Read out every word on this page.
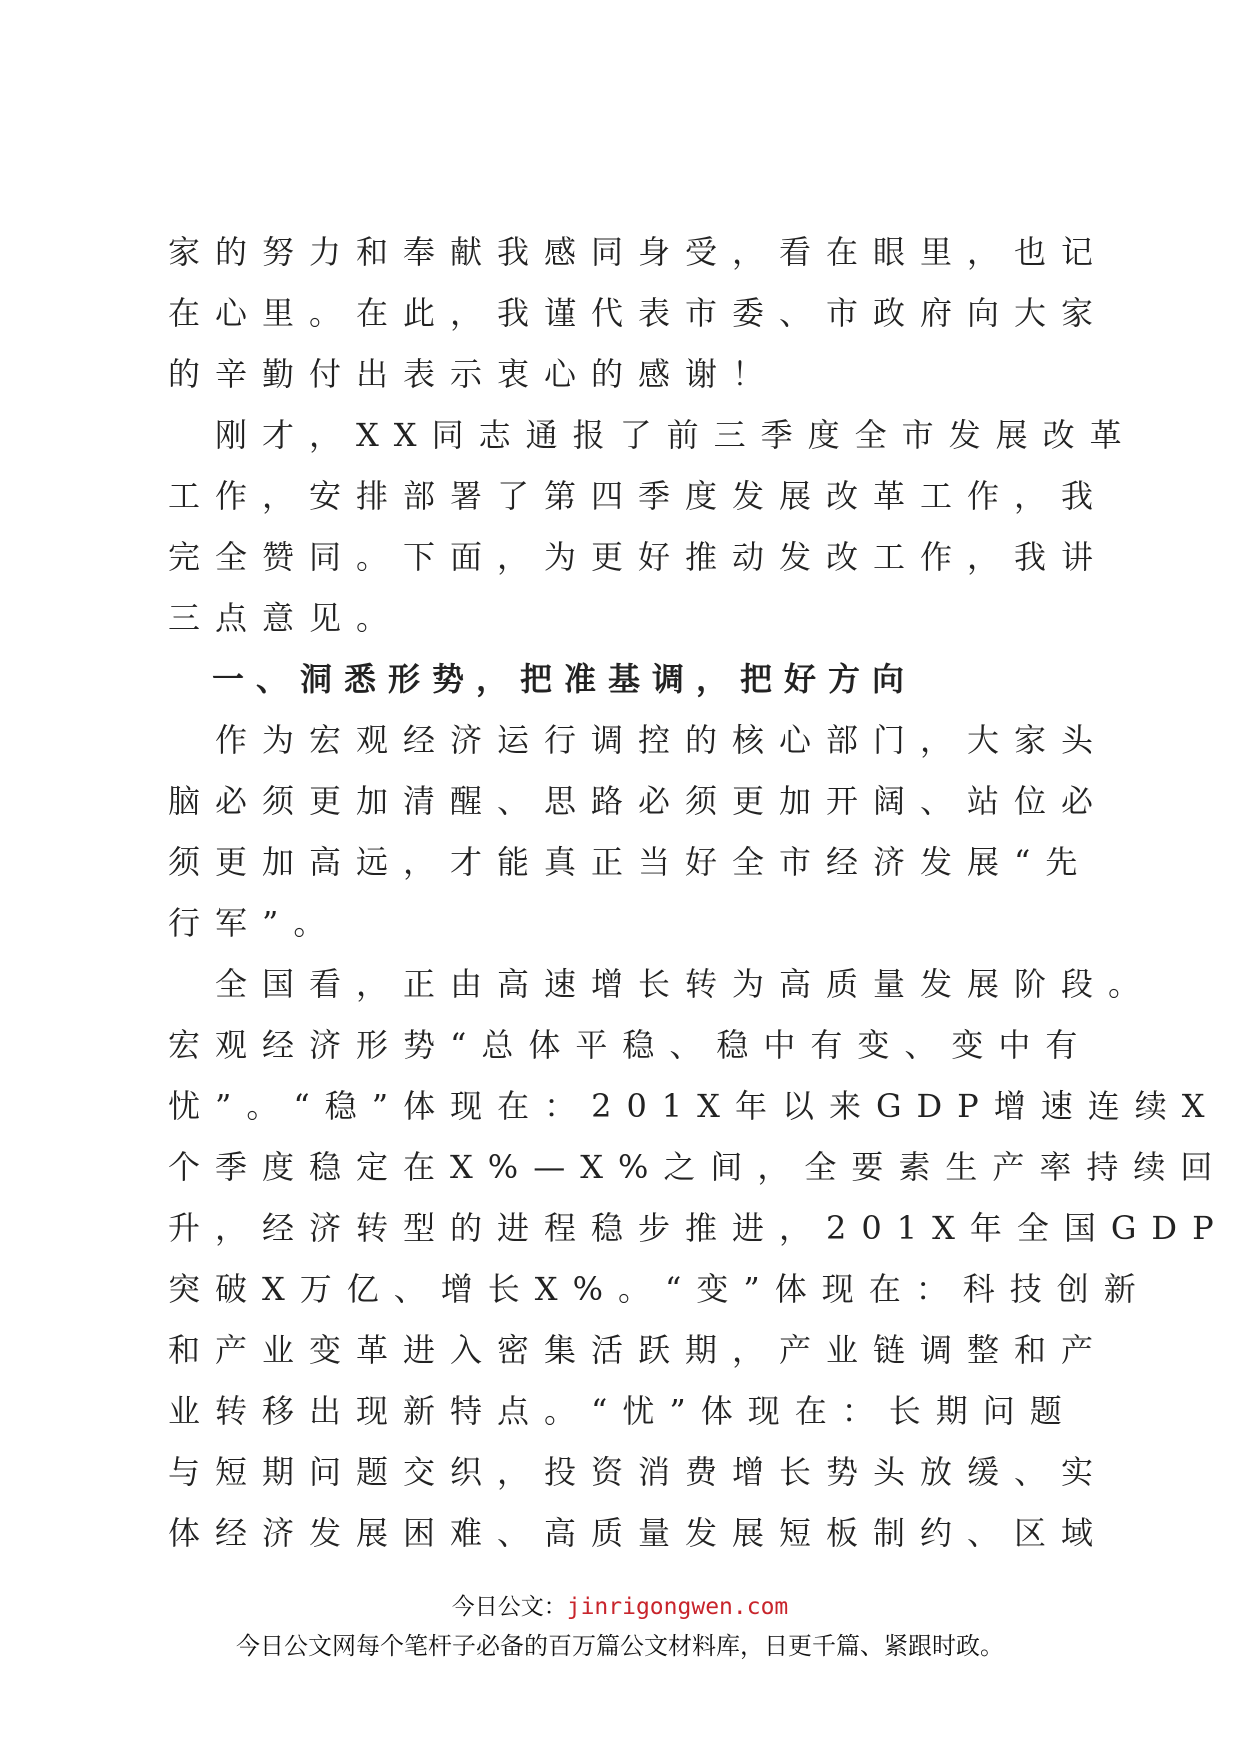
家的努力和奉献我感同身受，看在眼里，也记
在心里。在此，我谨代表市委、市政府向大家
的辛勤付出表示衷心的感谢！
　刚才，XX同志通报了前三季度全市发展改革
工作，安排部署了第四季度发展改革工作，我
完全赞同。下面，为更好推动发改工作，我讲
三点意见。
　一、洞悉形势，把准基调，把好方向
　作为宏观经济运行调控的核心部门，大家头
脑必须更加清醒、思路必须更加开阔、站位必
须更加高远，才能真正当好全市经济发展“先
行军”。
　全国看，正由高速增长转为高质量发展阶段。
宏观经济形势“总体平稳、稳中有变、变中有
忧”。“稳”体现在：201X年以来GDP增速连续X
个季度稳定在X%—X%之间，全要素生产率持续回
升，经济转型的进程稳步推进，201X年全国GDP
突破X万亿、增长X%。“变”体现在：科技创新
和产业变革进入密集活跃期，产业链调整和产
业转移出现新特点。“忧”体现在：长期问题
与短期问题交织，投资消费增长势头放缓、实
体经济发展困难、高质量发展短板制约、区域
今日公文：jinrigongwen.com
今日公文网每个笔杆子必备的百万篇公文材料库，日更千篇、紧跟时政。
